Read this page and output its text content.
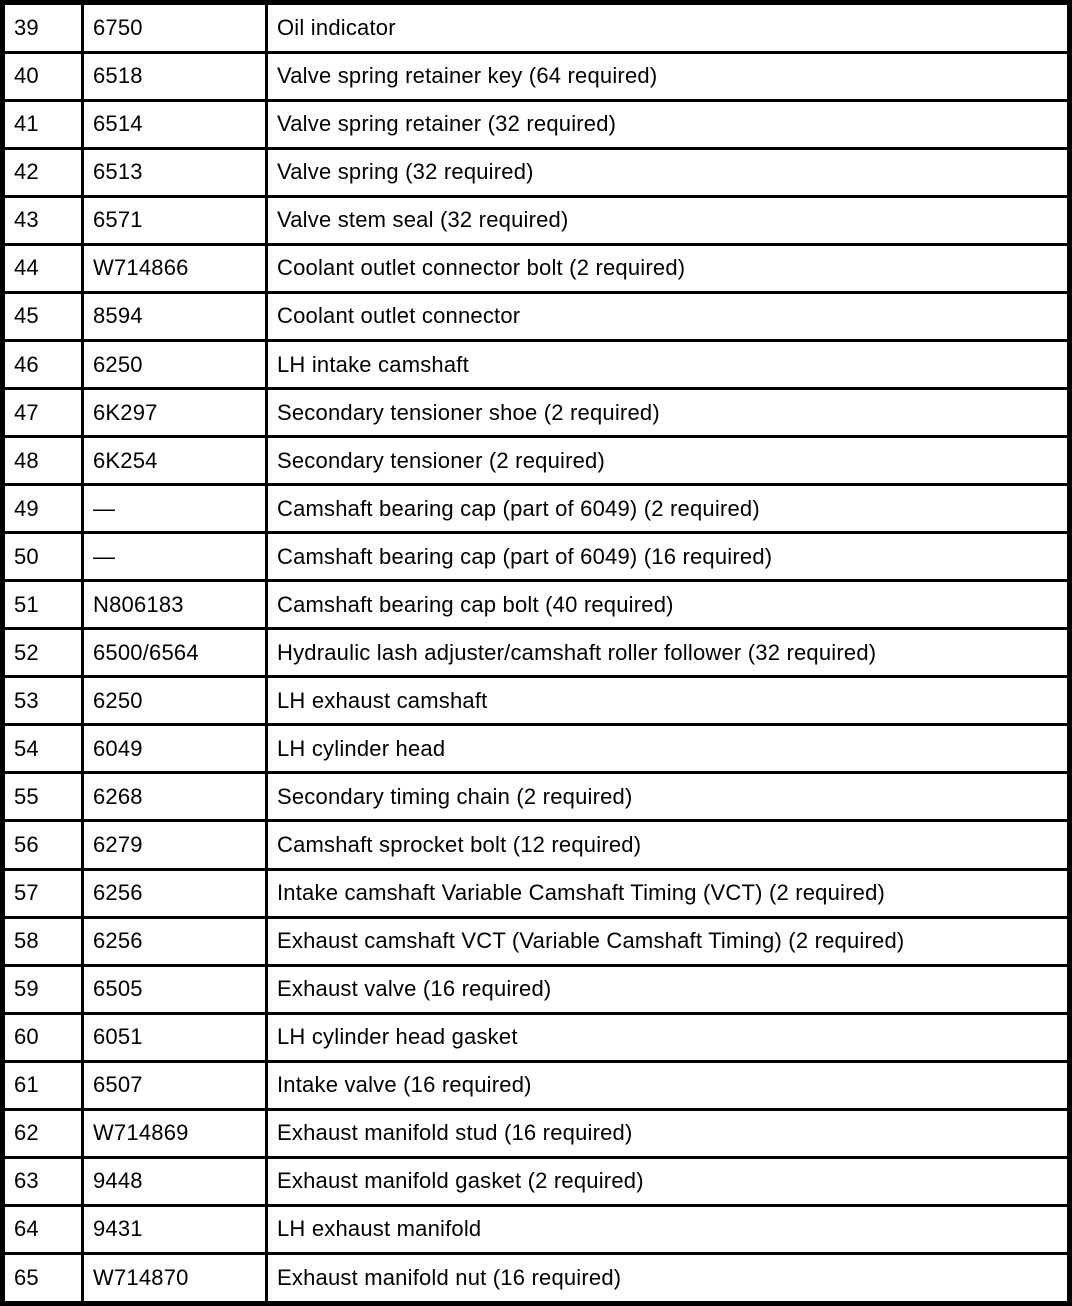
39	6750	Oil indicator
40	6518	Valve spring retainer key (64 required)
41	6514	Valve spring retainer (32 required)
42	6513	Valve spring (32 required)
43	6571	Valve stem seal (32 required)
44	W714866	Coolant outlet connector bolt (2 required)
45	8594	Coolant outlet connector
46	6250	LH intake camshaft
47	6K297	Secondary tensioner shoe (2 required)
48	6K254	Secondary tensioner (2 required)
49	—	Camshaft bearing cap (part of 6049) (2 required)
50	—	Camshaft bearing cap (part of 6049) (16 required)
51	N806183	Camshaft bearing cap bolt (40 required)
52	6500/6564	Hydraulic lash adjuster/camshaft roller follower (32 required)
53	6250	LH exhaust camshaft
54	6049	LH cylinder head
55	6268	Secondary timing chain (2 required)
56	6279	Camshaft sprocket bolt (12 required)
57	6256	Intake camshaft Variable Camshaft Timing (VCT) (2 required)
58	6256	Exhaust camshaft VCT (Variable Camshaft Timing) (2 required)
59	6505	Exhaust valve (16 required)
60	6051	LH cylinder head gasket
61	6507	Intake valve (16 required)
62	W714869	Exhaust manifold stud (16 required)
63	9448	Exhaust manifold gasket (2 required)
64	9431	LH exhaust manifold
65	W714870	Exhaust manifold nut (16 required)
